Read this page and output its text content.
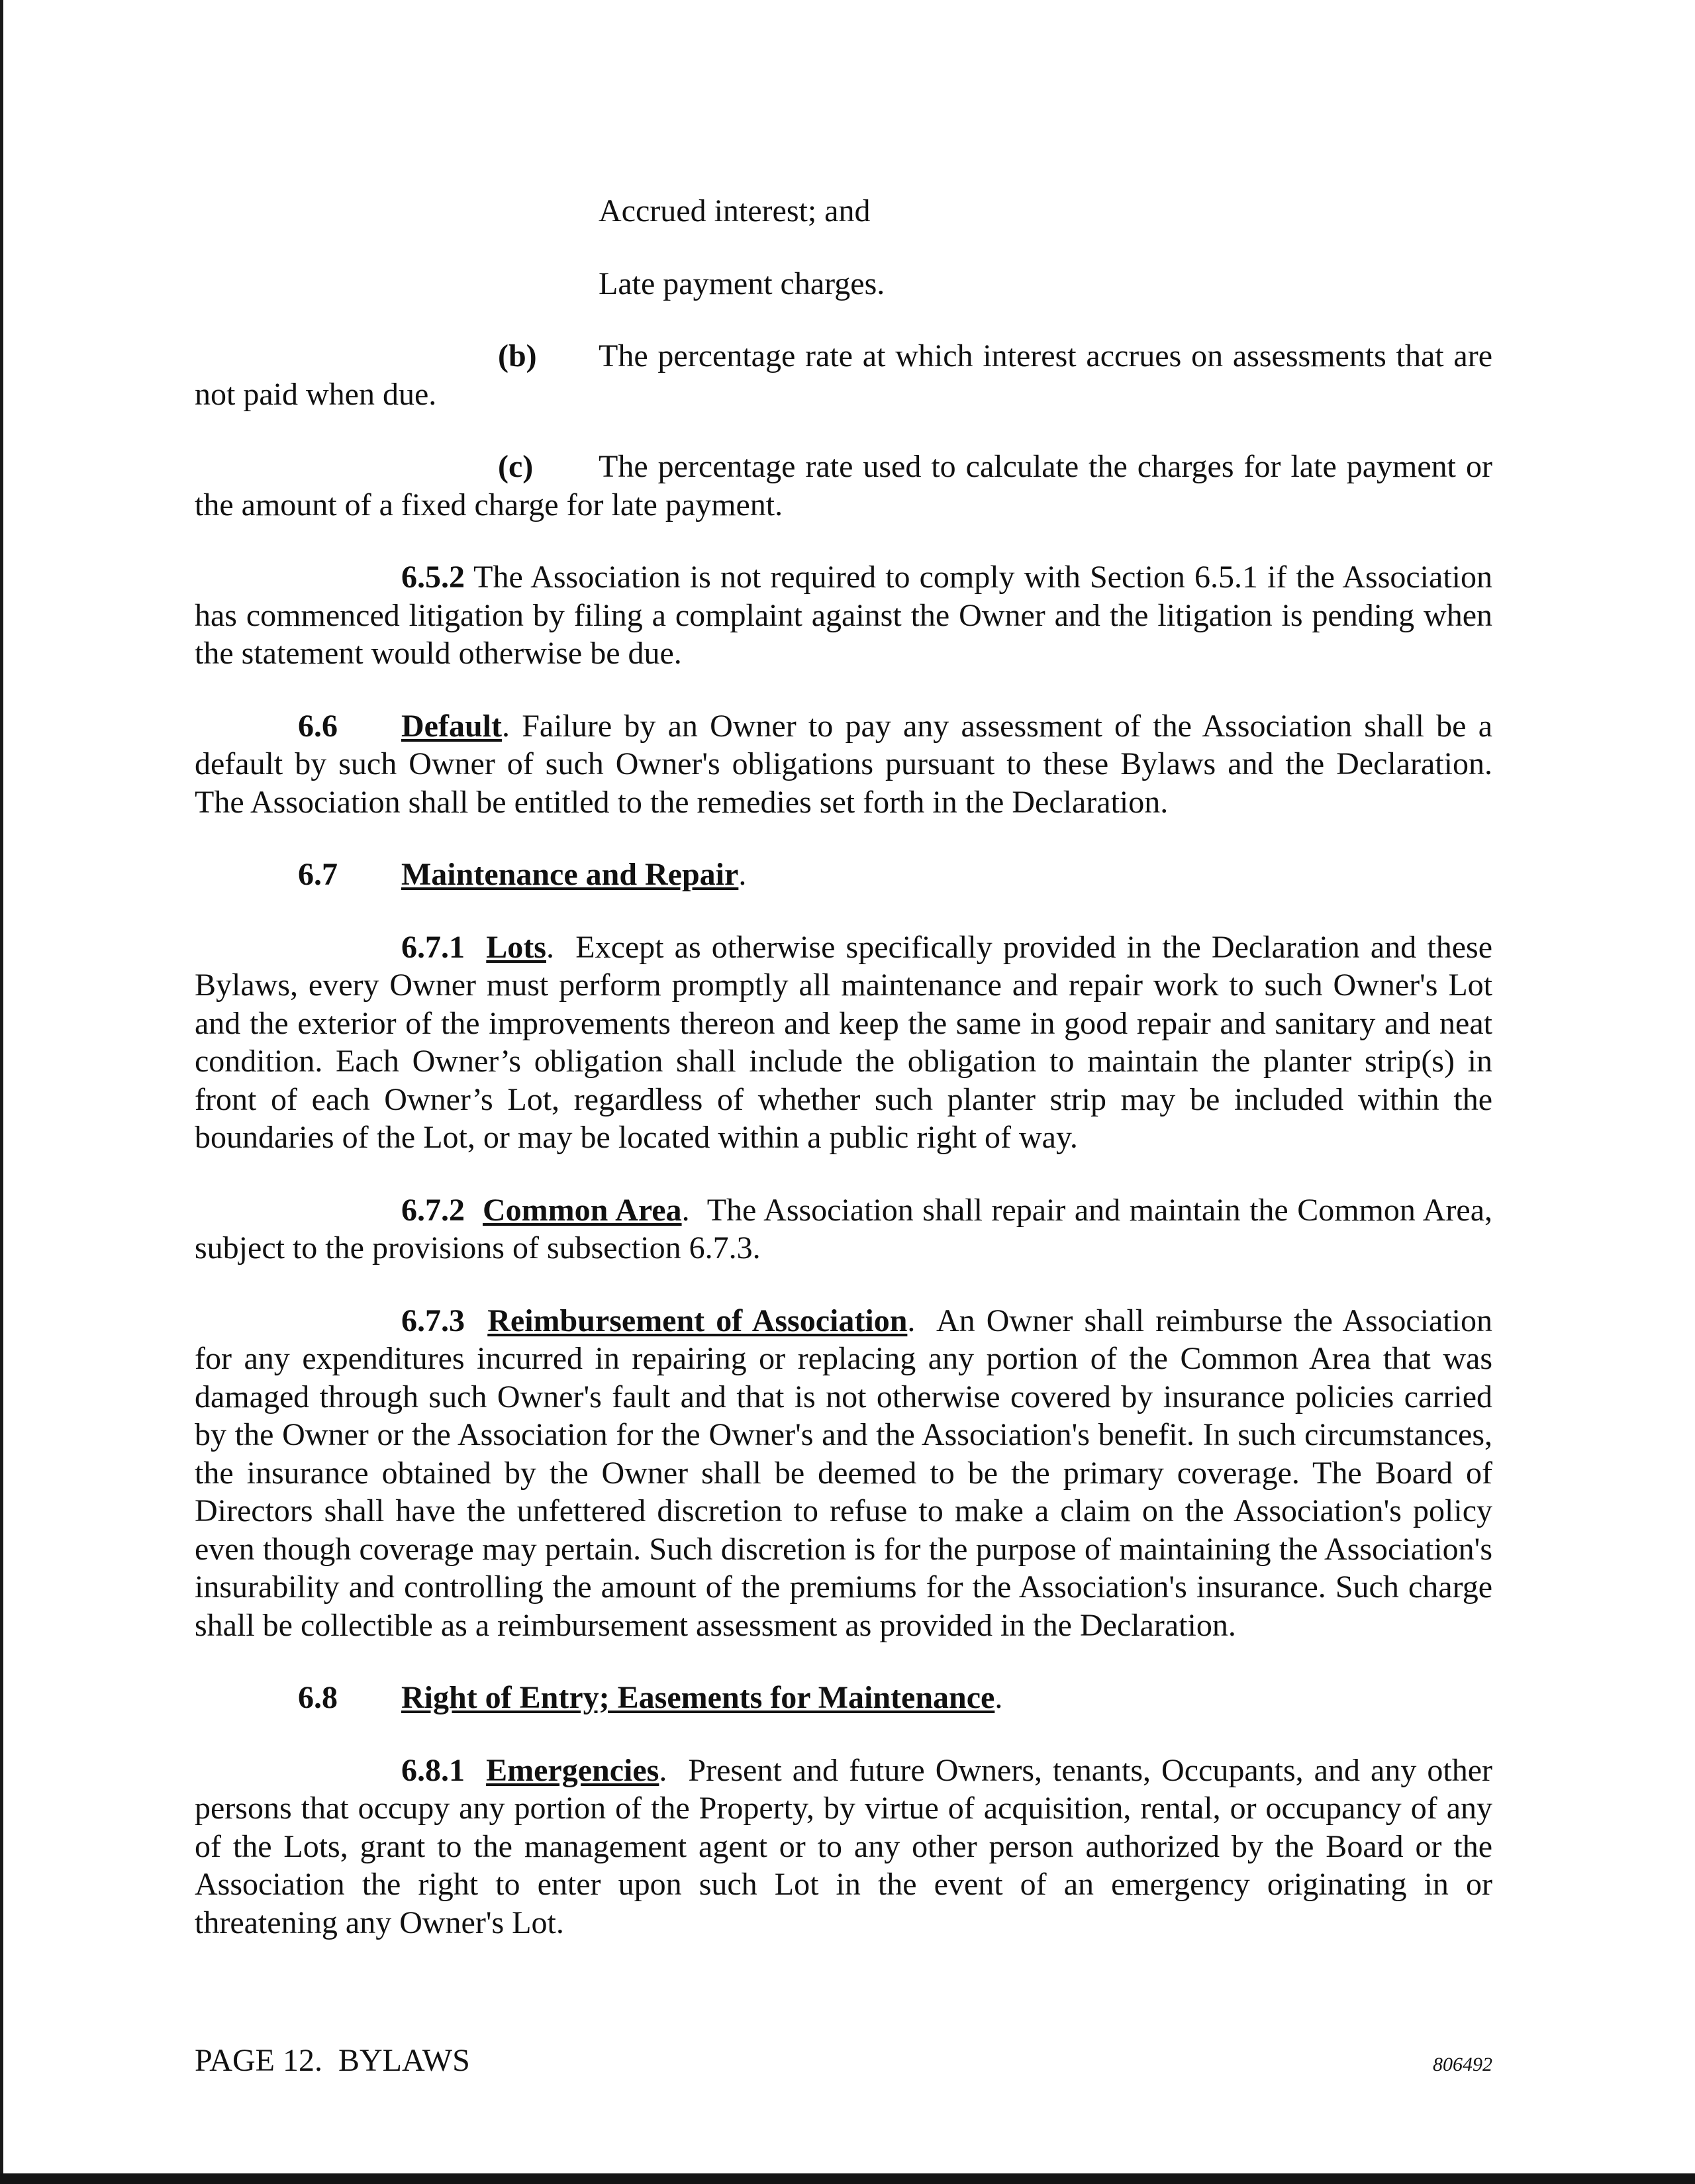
Accrued interest; and

Late payment charges.

(b) The percentage rate at which interest accrues on assessments that are not paid when due.

(c) The percentage rate used to calculate the charges for late payment or the amount of a fixed charge for late payment.

6.5.2 The Association is not required to comply with Section 6.5.1 if the Association has commenced litigation by filing a complaint against the Owner and the litigation is pending when the statement would otherwise be due.

6.6 Default. Failure by an Owner to pay any assessment of the Association shall be a default by such Owner of such Owner's obligations pursuant to these Bylaws and the Declaration. The Association shall be entitled to the remedies set forth in the Declaration.

6.7 Maintenance and Repair.

6.7.1 Lots.  Except as otherwise specifically provided in the Declaration and these Bylaws, every Owner must perform promptly all maintenance and repair work to such Owner's Lot and the exterior of the improvements thereon and keep the same in good repair and sanitary and neat condition. Each Owner’s obligation shall include the obligation to maintain the planter strip(s) in front of each Owner’s Lot, regardless of whether such planter strip may be included within the boundaries of the Lot, or may be located within a public right of way.

6.7.2 Common Area.  The Association shall repair and maintain the Common Area, subject to the provisions of subsection 6.7.3.

6.7.3 Reimbursement of Association.  An Owner shall reimburse the Association for any expenditures incurred in repairing or replacing any portion of the Common Area that was damaged through such Owner's fault and that is not otherwise covered by insurance policies carried by the Owner or the Association for the Owner's and the Association's benefit. In such circumstances, the insurance obtained by the Owner shall be deemed to be the primary coverage. The Board of Directors shall have the unfettered discretion to refuse to make a claim on the Association's policy even though coverage may pertain. Such discretion is for the purpose of maintaining the Association's insurability and controlling the amount of the premiums for the Association's insurance. Such charge shall be collectible as a reimbursement assessment as provided in the Declaration.

6.8 Right of Entry; Easements for Maintenance.

6.8.1 Emergencies.  Present and future Owners, tenants, Occupants, and any other persons that occupy any portion of the Property, by virtue of acquisition, rental, or occupancy of any of the Lots, grant to the management agent or to any other person authorized by the Board or the Association the right to enter upon such Lot in the event of an emergency originating in or threatening any Owner's Lot.

PAGE 12.  BYLAWS	806492
